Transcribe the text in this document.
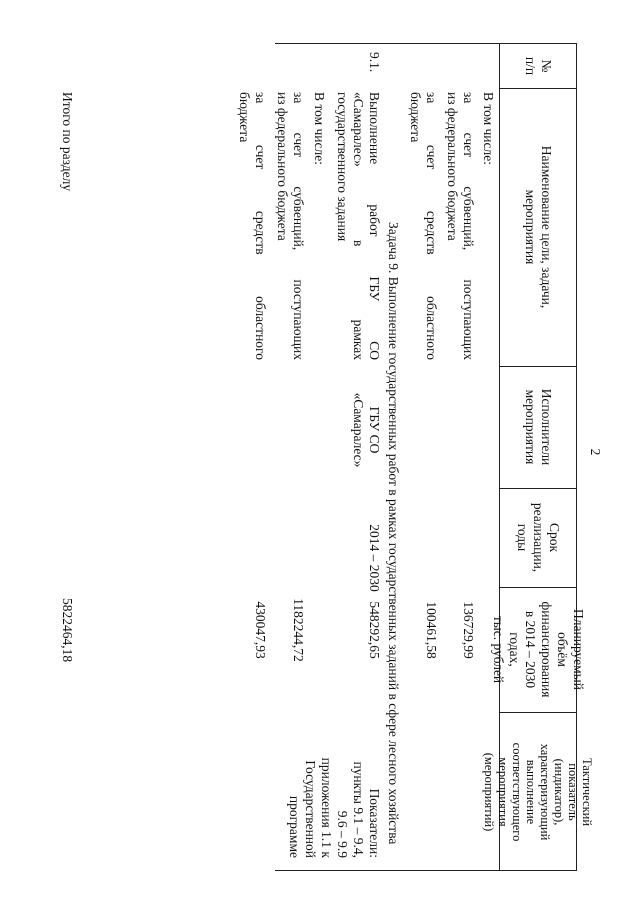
2
№
п/п
Наименование цели, задачи,
мероприятия
Исполнители
мероприятия
Срок
реализации,
годы
Планируемый
объём
финансирования
в 2014 – 2030
годах,
тыс. рублей
Тактический
показатель
(индикатор),
характеризующий
выполнение
соответствующего
мероприятия
(мероприятий)
В том числе:
за счет субвенций, поступающих
из федерального бюджета
136729,99
за счет средств областного
бюджета
100461,58
Задача 9. Выполнение государственных работ в рамках государственных заданий в сфере лесного хозяйства
9.1.
Выполнение работ ГБУ СО
«Самаралес» в рамках
государственного задания
ГБУ СО
«Самаралес»
2014 – 2030
548292,65
Показатели:
пункты 9.1 – 9.4,
9.6 – 9.9
приложения 1.1 к
Государственной
программе
В том числе:
за счет субвенций, поступающих
из федерального бюджета
1182244,72
за счет средств областного
бюджета
430047,93
Итого по разделу
5822464,18
